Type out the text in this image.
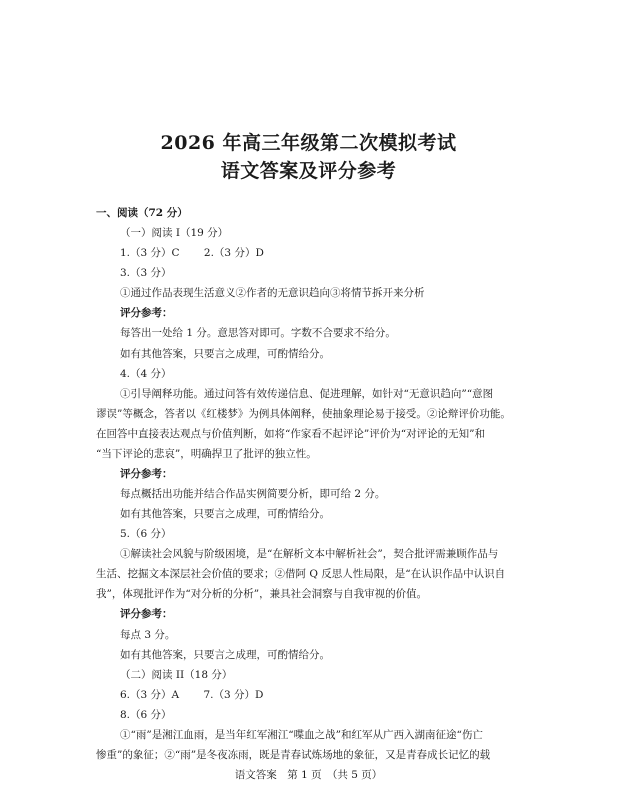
2026 年高三年级第二次模拟考试
语文答案及评分参考
语文答案　第 1 页　（共 5 页）
一、阅读（72 分）
（一）阅读 I（19 分）
1.（3 分）C 　　2.（3 分）D
3.（3 分）
①通过作品表现生活意义②作者的无意识趋向③将情节拆开来分析
评分参考：
每答出一处给 1 分。意思答对即可。字数不合要求不给分。
如有其他答案，只要言之成理，可酌情给分。
4.（4 分）
①引导阐释功能。通过问答有效传递信息、促进理解，如针对“无意识趋向”“意图
谬误”等概念，答者以《红楼梦》为例具体阐释，使抽象理论易于接受。②论辩评价功能。
在回答中直接表达观点与价值判断，如将“作家看不起评论”评价为“对评论的无知”和
“当下评论的悲哀”，明确捍卫了批评的独立性。
评分参考：
每点概括出功能并结合作品实例简要分析，即可给 2 分。
如有其他答案，只要言之成理，可酌情给分。
5.（6 分）
①解读社会风貌与阶级困境，是“在解析文本中解析社会”，契合批评需兼顾作品与
生活、挖掘文本深层社会价值的要求；②借阿 Q 反思人性局限，是“在认识作品中认识自
我”，体现批评作为“对分析的分析”，兼具社会洞察与自我审视的价值。
评分参考：
每点 3 分。
如有其他答案，只要言之成理，可酌情给分。
（二）阅读 II（18 分）
6.（3 分）A 　　7.（3 分）D
8.（6 分）
①“雨”是湘江血雨，是当年红军湘江“喋血之战”和红军从广西入湖南征途“伤亡
惨重”的象征；②“雨”是冬夜冻雨，既是青春试炼场地的象征，又是青春成长记忆的载
